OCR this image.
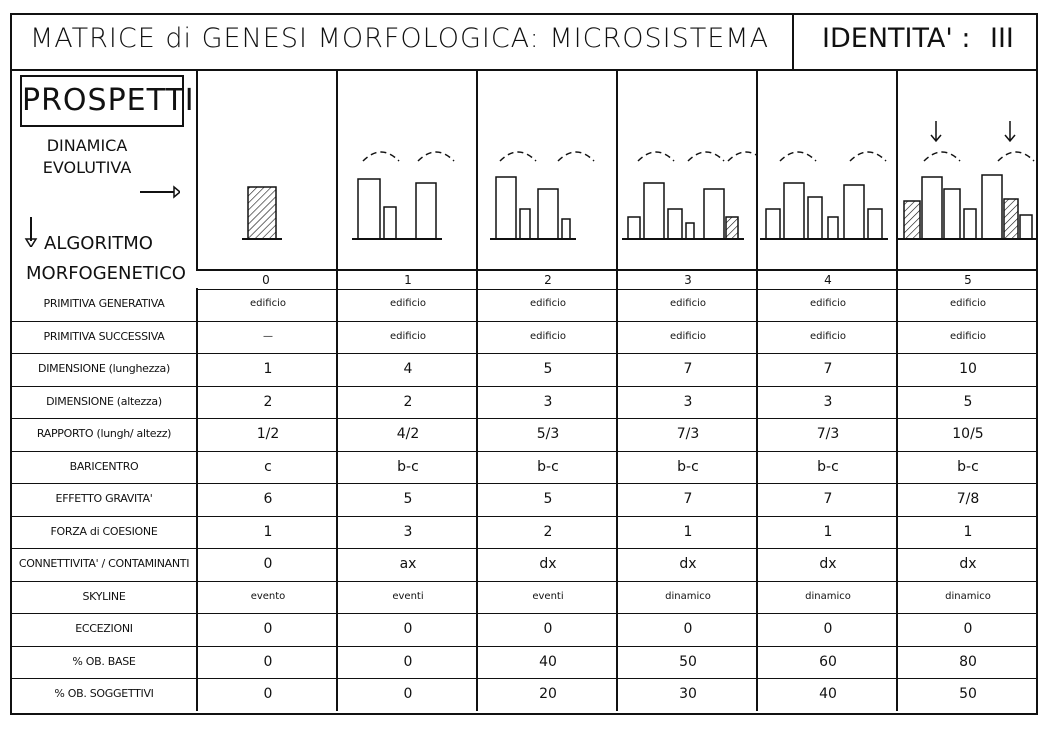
MATRICE di GENESI MORFOLOGICA: MICROSISTEMA IDENTITA' : III
PROSPETTI
DINAMICA
EVOLUTIVA
ALGORITMO
MORFOGENETICO	0	1	2	3	4	5
PRIMITIVA GENERATIVA	edificio	edificio	edificio	edificio	edificio	edificio
PRIMITIVA SUCCESSIVA	—	edificio	edificio	edificio	edificio	edificio
DIMENSIONE (lunghezza)	1	4	5	7	7	10
DIMENSIONE (altezza)	2	2	3	3	3	5
RAPPORTO (lungh/ altezz)	1/2	4/2	5/3	7/3	7/3	10/5
BARICENTRO	c	b-c	b-c	b-c	b-c	b-c
EFFETTO GRAVITA'	6	5	5	7	7	7/8
FORZA di COESIONE	1	3	2	1	1	1
CONNETTIVITA' / CONTAMINANTI	0	ax	dx	dx	dx	dx
SKYLINE	evento	eventi	eventi	dinamico	dinamico	dinamico
ECCEZIONI	0	0	0	0	0	0
% OB. BASE	0	0	40	50	60	80
% OB. SOGGETTIVI	0	0	20	30	40	50
